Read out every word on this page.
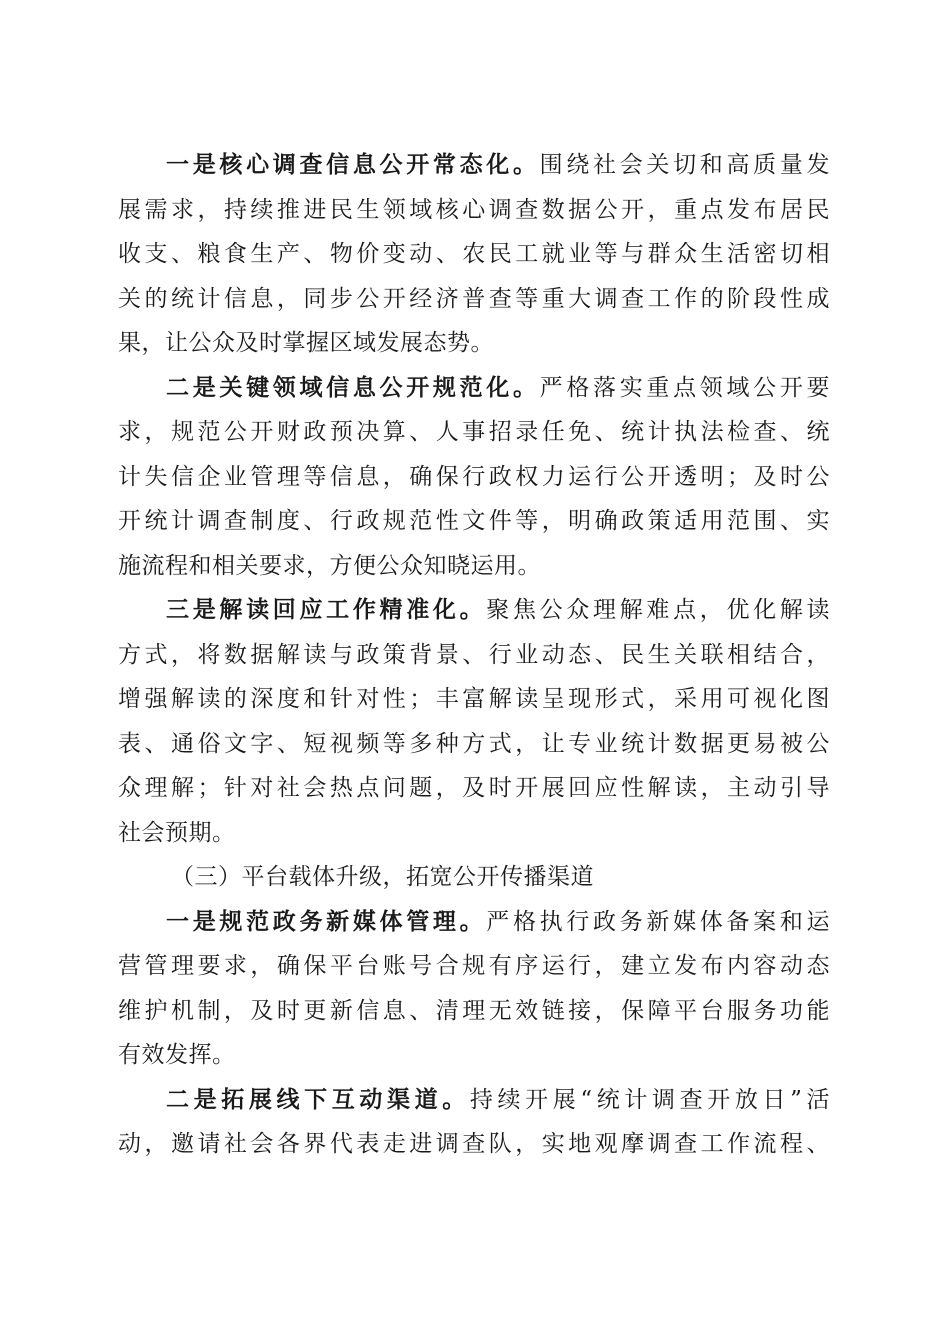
一是核心调查信息公开常态化。围绕社会关切和高质量发
展需求，持续推进民生领域核心调查数据公开，重点发布居民
收支、粮食生产、物价变动、农民工就业等与群众生活密切相
关的统计信息，同步公开经济普查等重大调查工作的阶段性成
果，让公众及时掌握区域发展态势。
二是关键领域信息公开规范化。严格落实重点领域公开要
求，规范公开财政预决算、人事招录任免、统计执法检查、统
计失信企业管理等信息，确保行政权力运行公开透明；及时公
开统计调查制度、行政规范性文件等，明确政策适用范围、实
施流程和相关要求，方便公众知晓运用。
三是解读回应工作精准化。聚焦公众理解难点，优化解读
方式，将数据解读与政策背景、行业动态、民生关联相结合，
增强解读的深度和针对性；丰富解读呈现形式，采用可视化图
表、通俗文字、短视频等多种方式，让专业统计数据更易被公
众理解；针对社会热点问题，及时开展回应性解读，主动引导
社会预期。
（三）平台载体升级，拓宽公开传播渠道
一是规范政务新媒体管理。严格执行政务新媒体备案和运
营管理要求，确保平台账号合规有序运行，建立发布内容动态
维护机制，及时更新信息、清理无效链接，保障平台服务功能
有效发挥。
二是拓展线下互动渠道。持续开展“统计调查开放日”活
动，邀请社会各界代表走进调查队，实地观摩调查工作流程、
